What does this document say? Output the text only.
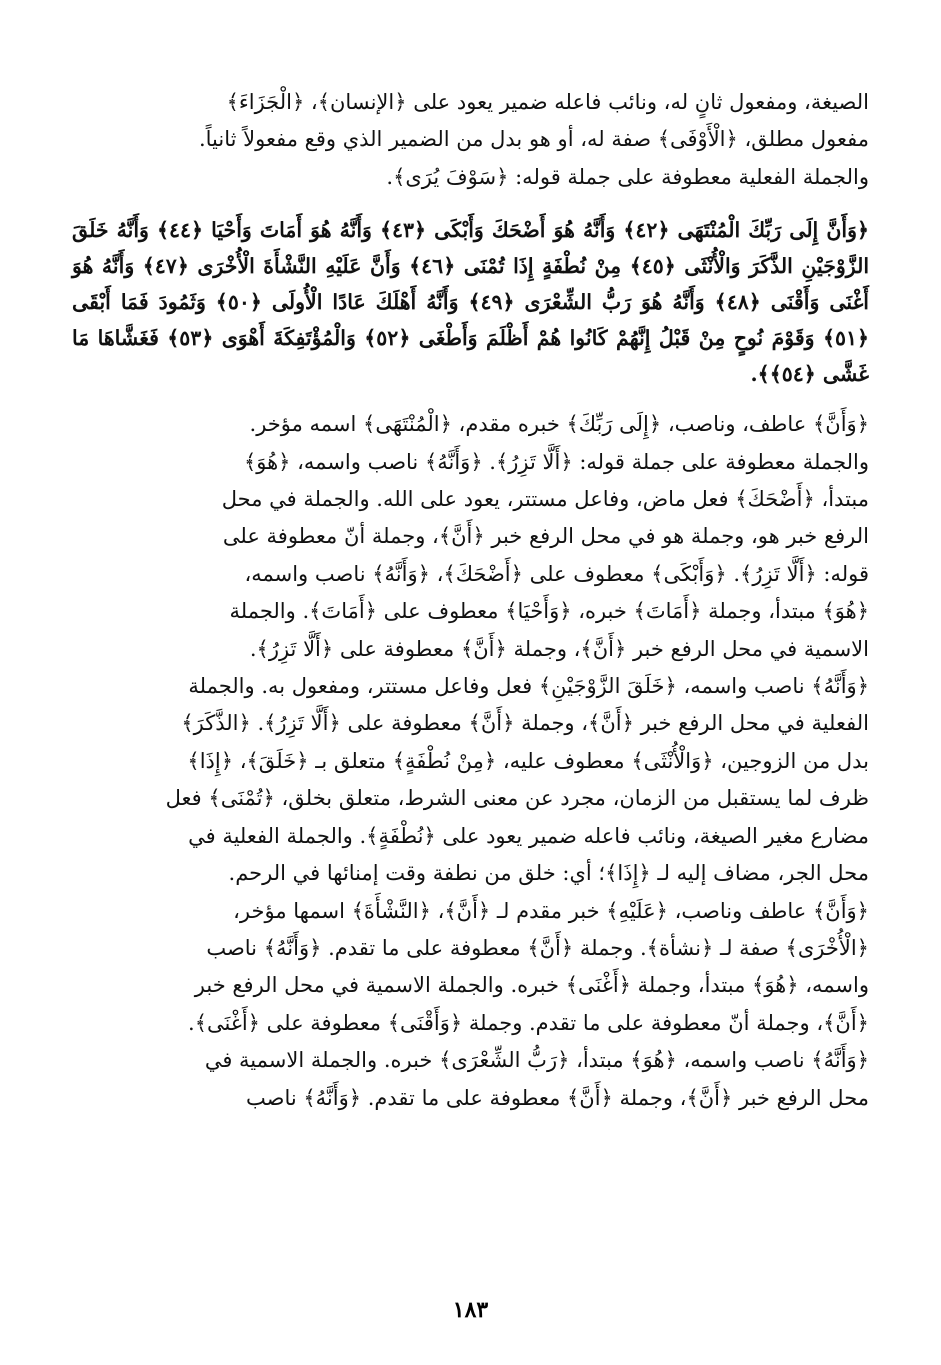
الصيغة، ومفعول ثانٍ له، ونائب فاعله ضمير يعود على ﴿الإنسان﴾، ﴿الْجَزَاءَ﴾

مفعول مطلق، ﴿الْأَوْفَى﴾ صفة له، أو هو بدل من الضمير الذي وقع مفعولاً ثانياً.

والجملة الفعلية معطوفة على جملة قوله: ﴿سَوْفَ يُرَى﴾.

﴿وَأَنَّ إِلَى رَبِّكَ الْمُنْتَهَى ﴿٤٢﴾ وَأَنَّهُ هُوَ أَضْحَكَ وَأَبْكَى ﴿٤٣﴾ وَأَنَّهُ هُوَ أَمَاتَ وَأَحْيَا ﴿٤٤﴾ وَأَنَّهُ خَلَقَ الزَّوْجَيْنِ الذَّكَرَ وَالْأُنْثَى ﴿٤٥﴾ مِنْ نُطْفَةٍ إِذَا تُمْنَى ﴿٤٦﴾ وَأَنَّ عَلَيْهِ النَّشْأَةَ الْأُخْرَى ﴿٤٧﴾ وَأَنَّهُ هُوَ أَغْنَى وَأَقْنَى ﴿٤٨﴾ وَأَنَّهُ هُوَ رَبُّ الشِّعْرَى ﴿٤٩﴾ وَأَنَّهُ أَهْلَكَ عَادًا الْأُولَى ﴿٥٠﴾ وَثَمُودَ فَمَا أَبْقَى ﴿٥١﴾ وَقَوْمَ نُوحٍ مِنْ قَبْلُ إِنَّهُمْ كَانُوا هُمْ أَظْلَمَ وَأَطْغَى ﴿٥٢﴾ وَالْمُؤْتَفِكَةَ أَهْوَى ﴿٥٣﴾ فَغَشَّاهَا مَا غَشَّى ﴿٥٤﴾﴾.

﴿وَأَنَّ﴾ عاطف، وناصب، ﴿إِلَى رَبِّكَ﴾ خبره مقدم، ﴿الْمُنْتَهَى﴾ اسمه مؤخر.

والجملة معطوفة على جملة قوله: ﴿أَلَّا تَزِرُ﴾. ﴿وَأَنَّهُ﴾ ناصب واسمه، ﴿هُوَ﴾

مبتدأ، ﴿أَضْحَكَ﴾ فعل ماض، وفاعل مستتر، يعود على الله. والجملة في محل

الرفع خبر هو، وجملة هو في محل الرفع خبر ﴿أَنَّ﴾، وجملة أنّ معطوفة على

قوله: ﴿أَلَّا تَزِرُ﴾. ﴿وَأَبْكَى﴾ معطوف على ﴿أَضْحَكَ﴾، ﴿وَأَنَّهُ﴾ ناصب واسمه،

﴿هُوَ﴾ مبتدأ، وجملة ﴿أَمَاتَ﴾ خبره، ﴿وَأَحْيَا﴾ معطوف على ﴿أَمَاتَ﴾. والجملة

الاسمية في محل الرفع خبر ﴿أَنَّ﴾، وجملة ﴿أَنَّ﴾ معطوفة على ﴿أَلَّا تَزِرُ﴾.

﴿وَأَنَّهُ﴾ ناصب واسمه، ﴿خَلَقَ الزَّوْجَيْنِ﴾ فعل وفاعل مستتر، ومفعول به. والجملة

الفعلية في محل الرفع خبر ﴿أَنَّ﴾، وجملة ﴿أَنَّ﴾ معطوفة على ﴿أَلَّا تَزِرُ﴾. ﴿الذَّكَرَ﴾

بدل من الزوجين، ﴿وَالْأُنْثَى﴾ معطوف عليه، ﴿مِنْ نُطْفَةٍ﴾ متعلق بـ ﴿خَلَقَ﴾، ﴿إِذَا﴾

ظرف لما يستقبل من الزمان، مجرد عن معنى الشرط، متعلق بخلق، ﴿تُمْنَى﴾ فعل

مضارع مغير الصيغة، ونائب فاعله ضمير يعود على ﴿نُطْفَةٍ﴾. والجملة الفعلية في

محل الجر، مضاف إليه لـ ﴿إِذَا﴾؛ أي: خلق من نطفة وقت إمنائها في الرحم.

﴿وَأَنَّ﴾ عاطف وناصب، ﴿عَلَيْهِ﴾ خبر مقدم لـ ﴿أَنَّ﴾، ﴿النَّشْأَةَ﴾ اسمها مؤخر،

﴿الْأُخْرَى﴾ صفة لـ ﴿نشأة﴾. وجملة ﴿أَنَّ﴾ معطوفة على ما تقدم. ﴿وَأَنَّهُ﴾ ناصب

واسمه، ﴿هُوَ﴾ مبتدأ، وجملة ﴿أَغْنَى﴾ خبره. والجملة الاسمية في محل الرفع خبر

﴿أَنَّ﴾، وجملة أنّ معطوفة على ما تقدم. وجملة ﴿وَأَقْنَى﴾ معطوفة على ﴿أَغْنَى﴾.

﴿وَأَنَّهُ﴾ ناصب واسمه، ﴿هُوَ﴾ مبتدأ، ﴿رَبُّ الشِّعْرَى﴾ خبره. والجملة الاسمية في

محل الرفع خبر ﴿أَنَّ﴾، وجملة ﴿أَنَّ﴾ معطوفة على ما تقدم. ﴿وَأَنَّهُ﴾ ناصب

١٨٣
